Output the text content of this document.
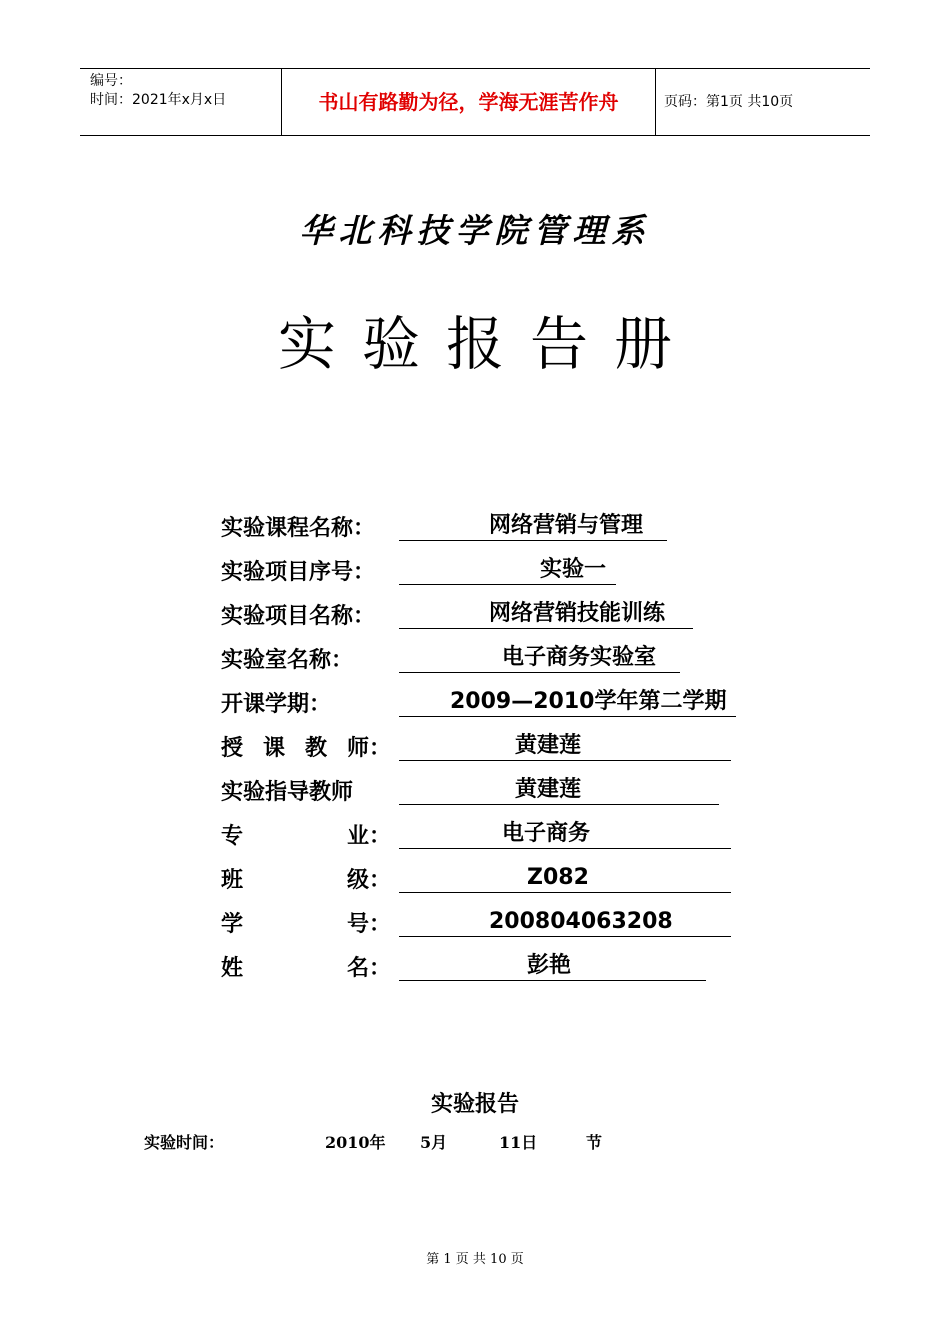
编号：
时间：2021年x月x日	书山有路勤为径，学海无涯苦作舟	页码：第1页 共10页
华北科技学院管理系
实验报告册
实验课程名称：	网络营销与管理
实验项目序号：	实验一
实验项目名称：	网络营销技能训练
实验室名称：	电子商务实验室
开课学期：	2009—2010学年第二学期
授 课 教 师：	黄建莲
实验指导教师	黄建莲
专	业：	电子商务
班	级：	Z082
学	号：	200804063208
姓	名：	彭艳
实验报告
实验时间：	2010年 5月	11日	节
第 1 页 共 10 页
